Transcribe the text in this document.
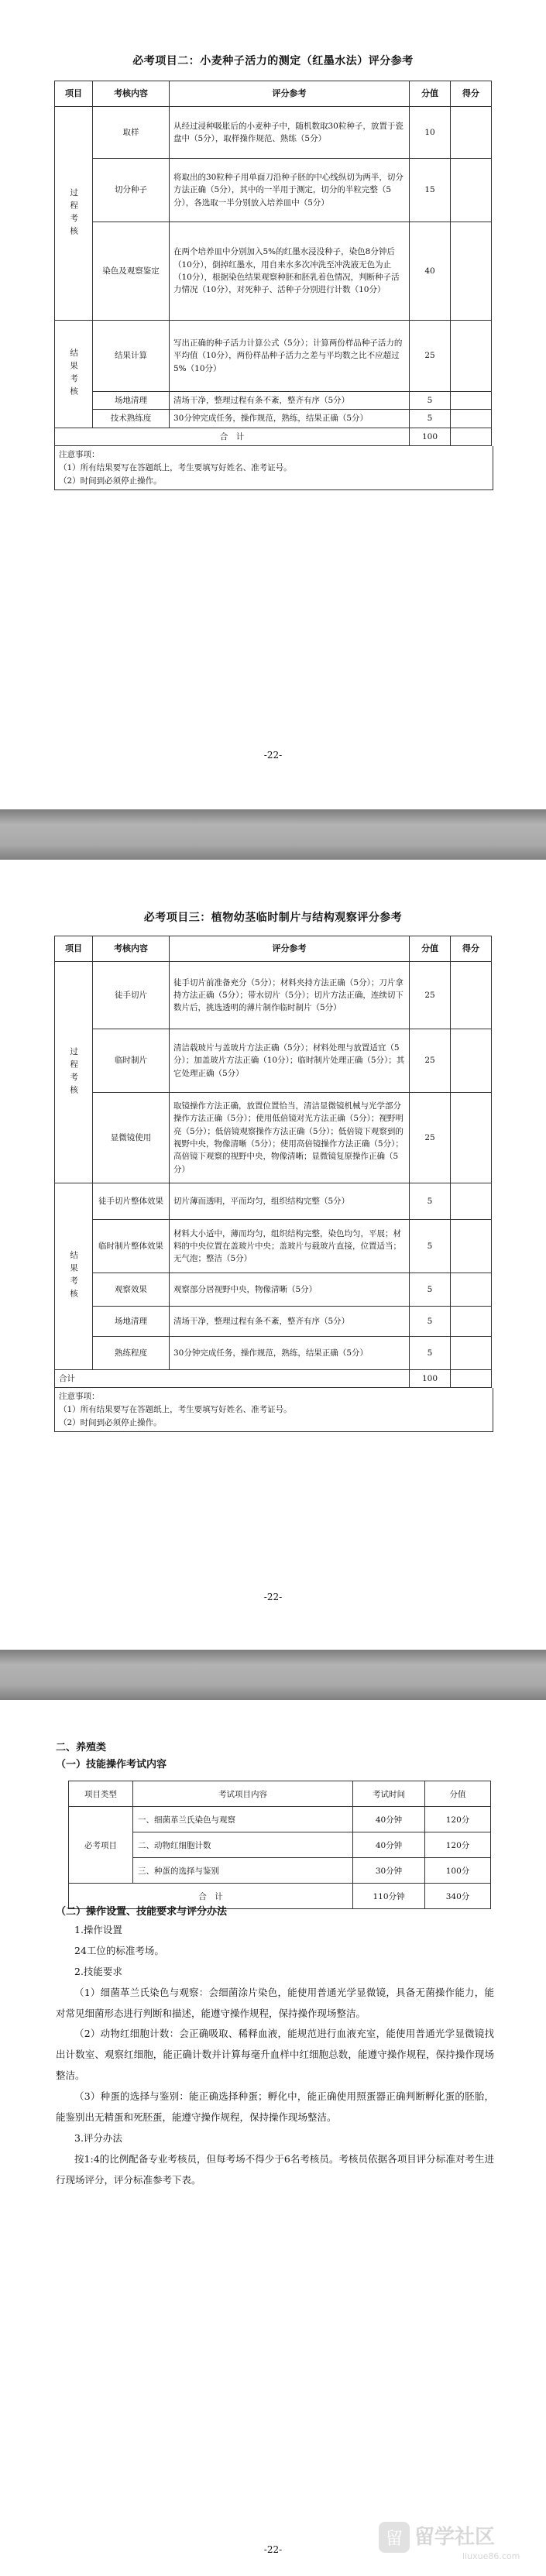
必考项目二：小麦种子活力的测定（红墨水法）评分参考
项目	考核内容	评分参考	分值	得分

过程考核	取样	从经过浸种吸胀后的小麦种子中，随机数取30粒种子，放置于瓷盘中（5分），取样操作规范、熟练（5分）	10	
	切分种子	将取出的30粒种子用单面刀沿种子胚的中心线纵切为两半，切分方法正确（5分），其中的一半用于测定，切分的半粒完整（5分），各选取一半分别放入培养皿中（5分）	15	
	染色及观察鉴定	在两个培养皿中分别加入5%的红墨水浸没种子，染色8分钟后（10分），倒掉红墨水，用自来水多次冲洗至冲洗液无色为止（10分），根据染色结果观察种胚和胚乳着色情况，判断种子活力情况（10分），对死种子、活种子分别进行计数（10分）	40	

结果考核	结果计算	写出正确的种子活力计算公式（5分）；计算两份样品种子活力的平均值（10分），两份样品种子活力之差与平均数之比不应超过5%（10分）	25	
	场地清理	清场干净，整理过程有条不紊，整齐有序（5分）	5	
	技术熟练度	30分钟完成任务，操作规范，熟练，结果正确（5分）	5	
合　计			100	
注意事项：
（1）所有结果要写在答题纸上，考生要填写好姓名、准考证号。
（2）时间到必须停止操作。
-22-
必考项目三：植物幼茎临时制片与结构观察评分参考
项目	考核内容	评分参考	分值	得分

过程考核	徒手切片	徒手切片前准备充分（5分）；材料夹持方法正确（5分）；刀片拿持方法正确（5分）；带水切片（5分）；切片方法正确，连续切下数片后，挑选透明的薄片制作临时制片（5分）	25	
	临时制片	清洁载玻片与盖玻片方法正确（5分）；材料处理与放置适宜（5分）；加盖玻片方法正确（10分）；临时制片处理正确（5分）；其它处理正确（5分）	25	
	显微镜使用	取镜操作方法正确，放置位置恰当，清洁显微镜机械与光学部分操作方法正确（5分）；使用低倍镜对光方法正确（5分）；视野明亮（5分）；低倍镜观察操作方法正确（5分）；低倍镜下观察到的视野中央，物像清晰（5分）；使用高倍镜操作方法正确（5分）；高倍镜下观察的视野中央，物像清晰；显微镜复原操作正确（5分）	25	

结果考核	徒手切片整体效果	切片薄而透明，平而均匀，组织结构完整（5分）	5	
	临时制片整体效果	材料大小适中，薄而均匀，组织结构完整，染色均匀，平展；材料的中央位置在盖玻片中央；盖玻片与载玻片直接，位置适当；无气泡；整洁（5分）	5	
	观察效果	观察部分居视野中央，物像清晰（5分）	5	
	场地清理	清场干净，整理过程有条不紊，整齐有序（5分）	5	
	熟练程度	30分钟完成任务，操作规范，熟练，结果正确（5分）	5	
合计			100	
注意事项：
（1）所有结果要写在答题纸上，考生要填写好姓名、准考证号。
（2）时间到必须停止操作。
-22-
二、养殖类
（一）技能操作考试内容
项目类型	考试项目内容	考试时间	分值
必考项目	一、细菌革兰氏染色与观察	40分钟	120分
	二、动物红细胞计数	40分钟	120分
	三、种蛋的选择与鉴别	30分钟	100分
合　计		110分钟	340分
（二）操作设置、技能要求与评分办法

1.操作设置

24工位的标准考场。

2.技能要求

（1）细菌革兰氏染色与观察：会细菌涂片染色，能使用普通光学显微镜，具备无菌操作能力，能对常见细菌形态进行判断和描述，能遵守操作规程，保持操作现场整洁。

（2）动物红细胞计数：会正确吸取、稀释血液，能规范进行血液充室，能使用普通光学显微镜找出计数室、观察红细胞，能正确计数并计算每毫升血样中红细胞总数，能遵守操作规程，保持操作现场整洁。

（3）种蛋的选择与鉴别：能正确选择种蛋；孵化中，能正确使用照蛋器正确判断孵化蛋的胚胎，能鉴别出无精蛋和死胚蛋，能遵守操作规程，保持操作现场整洁。

3.评分办法

按1:4的比例配备专业考核员，但每考场不得少于6名考核员。考核员依据各项目评分标准对考生进行现场评分，评分标准参考下表。

-22-
留 留学社区
liuxue86.com
